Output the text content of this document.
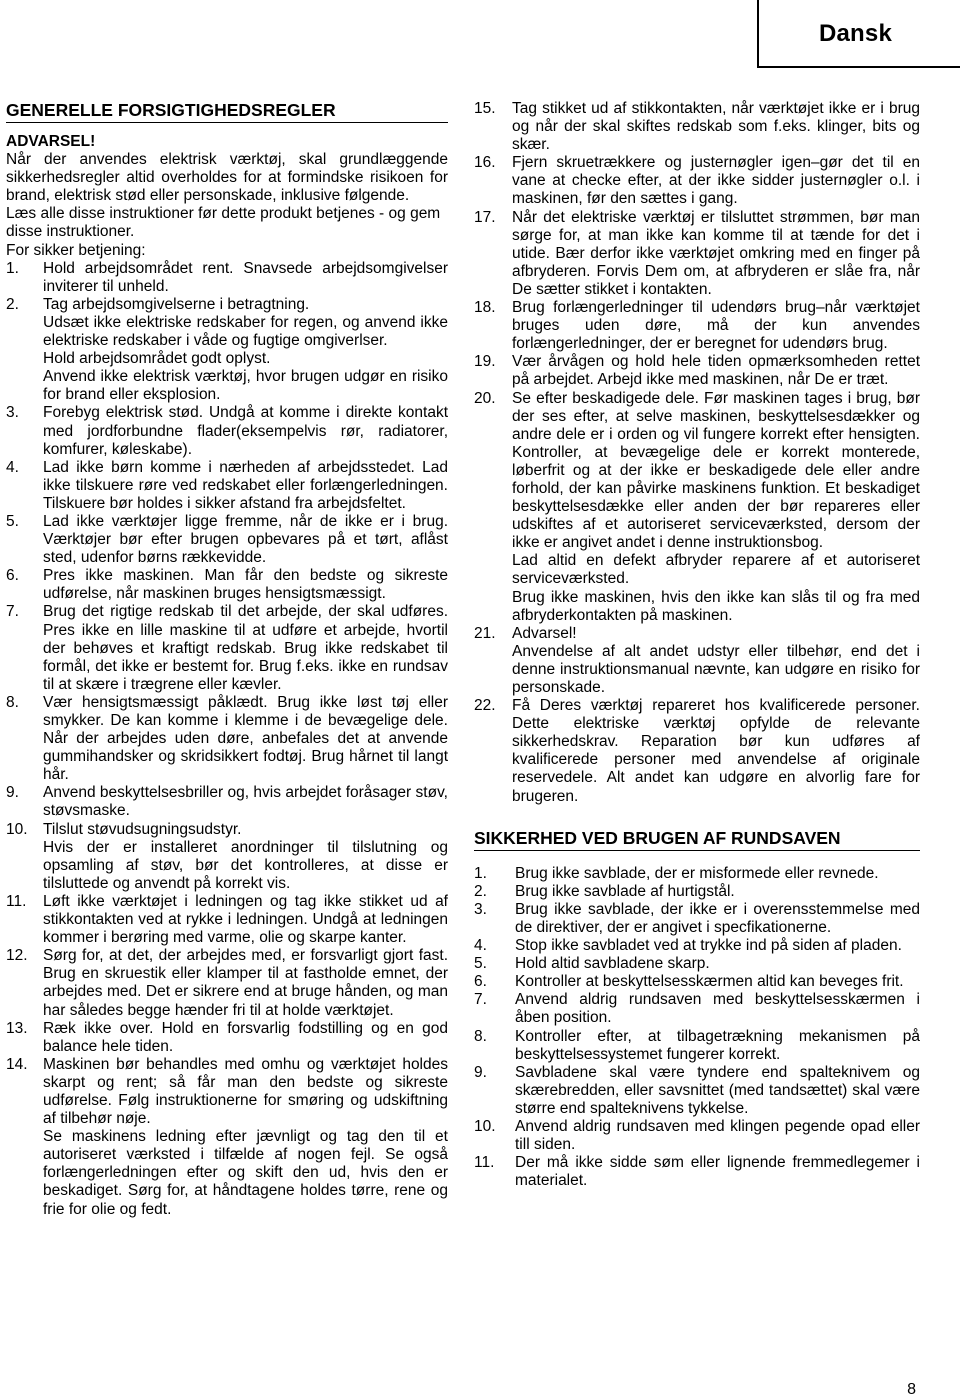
Dansk
GENERELLE FORSIGTIGHEDSREGLER
ADVARSEL!

Når der anvendes elektrisk værktøj, skal grundlæggende sikkerhedsregler altid overholdes for at formindske risikoen for brand, elektrisk stød eller personskade, inklusive følgende.

Læs alle disse instruktioner før dette produkt betjenes - og gem disse instruktioner.

For sikker betjening:

1.	Hold arbejdsområdet rent. Snavsede arbejdsomgivelser inviterer til unheld.
2.	Tag arbejdsomgivelserne i betragtning.
Udsæt ikke elektriske redskaber for regen, og anvend ikke elektriske redskaber i våde og fugtige omgiverlser.
Hold arbejdsområdet godt oplyst.
Anvend ikke elektrisk værktøj, hvor brugen udgør en risiko for brand eller eksplosion.
3.	Forebyg elektrisk stød. Undgå at komme i direkte kontakt med jordforbundne flader(eksempelvis rør, radiatorer, komfurer, køleskabe).
4.	Lad ikke børn komme i nærheden af arbejdsstedet. Lad ikke tilskuere røre ved redskabet eller forlængerledningen. Tilskuere bør holdes i sikker afstand fra arbejdsfeltet.
5.	Lad ikke værktøjer ligge fremme, når de ikke er i brug. Værktøjer bør efter brugen opbevares på et tørt, aflåst sted, udenfor børns rækkevidde.
6.	Pres ikke maskinen. Man får den bedste og sikreste udførelse, når maskinen bruges hensigtsmæssigt.
7.	Brug det rigtige redskab til det arbejde, der skal udføres. Pres ikke en lille maskine til at udføre et arbejde, hvortil der behøves et kraftigt redskab. Brug ikke redskabet til formål, det ikke er bestemt for. Brug f.eks. ikke en rundsav til at skære i trægrene eller kævler.
8.	Vær hensigtsmæssigt påklædt. Brug ikke løst tøj eller smykker. De kan komme i klemme i de bevægelige dele. Når der arbejdes uden døre, anbefales det at anvende gummihandsker og skridsikkert fodtøj. Brug hårnet til langt hår.
9.	Anvend beskyttelsesbriller og, hvis arbejdet foråsager støv, støvsmaske.
10. Tilslut støvudsugningsudstyr.
Hvis der er installeret anordninger til tilslutning og opsamling af støv, bør det kontrolleres, at disse er tilsluttede og anvendt på korrekt vis.
11.	Løft ikke værktøjet i ledningen og tag ikke stikket ud af stikkontakten ved at rykke i ledningen. Undgå at ledningen kommer i berøring med varme, olie og skarpe kanter.
12. Sørg for, at det, der arbejdes med, er forsvarligt gjort fast. Brug en skruestik eller klamper til at fastholde emnet, der arbejdes med. Det er sikrere end at bruge hånden, og man har således begge hænder fri til at holde værktøjet.
13. Ræk ikke over. Hold en forsvarlig fodstilling og en god balance hele tiden.
14. Maskinen bør behandles med omhu og værktøjet holdes skarpt og rent; så får man den bedste og sikreste udførelse. Følg instruktionerne for smøring og udskiftning af tilbehør nøje.
Se maskinens ledning efter jævnligt og tag den til et autoriseret værksted i tilfælde af nogen fejl. Se også forlængerledningen efter og skift den ud, hvis den er beskadiget. Sørg for, at håndtagene holdes tørre, rene og frie for olie og fedt.
15.	Tag stikket ud af stikkontakten, når værktøjet ikke er i brug og når der skal skiftes redskab som f.eks. klinger, bits og skær.
16.	Fjern skruetrækkere og justernøgler igen–gør det til en vane at checke efter, at der ikke sidder justernøgler o.l. i maskinen, før den sættes i gang.
17.	Når det elektriske værktøj er tilsluttet strømmen, bør man sørge for, at man ikke kan komme til at tænde for det i utide. Bær derfor ikke værktøjet omkring med en finger på afbryderen. Forvis Dem om, at afbryderen er slåe fra, når De sætter stikket i kontakten.
18.	Brug forlængerledninger til udendørs brug–når værktøjet bruges uden døre, må der kun anvendes forlængerledninger, der er beregnet for udendørs brug.
19.	Vær årvågen og hold hele tiden opmærksomheden rettet på arbejdet. Arbejd ikke med maskinen, når De er træt.
20.	Se efter beskadigede dele. Før maskinen tages i brug, bør der ses efter, at selve maskinen, beskyttelsesdækker og andre dele er i orden og vil fungere korrekt efter hensigten. Kontroller, at bevægelige dele er korrekt monterede, løberfrit og at der ikke er beskadigede dele eller andre forhold, der kan påvirke maskinens funktion. Et beskadiget beskyttelsesdække eller anden der bør repareres eller udskiftes af et autoriseret serviceværksted, dersom der ikke er angivet andet i denne instruktionsbog.
Lad altid en defekt afbryder reparere af et autoriseret serviceværksted.
Brug ikke maskinen, hvis den ikke kan slås til og fra med afbryderkontakten på maskinen.
21.	Advarsel!
Anvendelse af alt andet udstyr eller tilbehør, end det i denne instruktionsmanual nævnte, kan udgøre en risiko for personskade.
22.	Få Deres værktøj repareret hos kvalificerede personer. Dette elektriske værktøj opfylde de relevante sikkerhedskrav. Reparation bør kun udføres af kvalificerede personer med anvendelse af originale reservedele. Alt andet kan udgøre en alvorlig fare for brugeren.
SIKKERHED VED BRUGEN AF RUNDSAVEN
1.	Brug ikke savblade, der er misformede eller revnede.
2.	Brug ikke savblade af hurtigstål.
3.	Brug ikke savblade, der ikke er i overensstemmelse med de direktiver, der er angivet i specfikationerne.
4.	Stop ikke savbladet ved at trykke ind på siden af pladen.
5.	Hold altid savbladene skarp.
6.	Kontroller at beskyttelsesskærmen altid kan beveges frit.
7.	Anvend aldrig rundsaven med beskyttelsesskærmen i åben position.
8.	Kontroller efter, at tilbagetrækning mekanismen på beskyttelsessystemet fungerer korrekt.
9.	Savbladene skal være tyndere end spalteknivem og skærebredden, eller savsnittet (med tandsættet) skal være større end spalteknivens tykkelse.
10.	Anvend aldrig rundsaven med klingen pegende opad eller till siden.
11.	Der må ikke sidde søm eller lignende fremmedlegemer i materialet.
8
